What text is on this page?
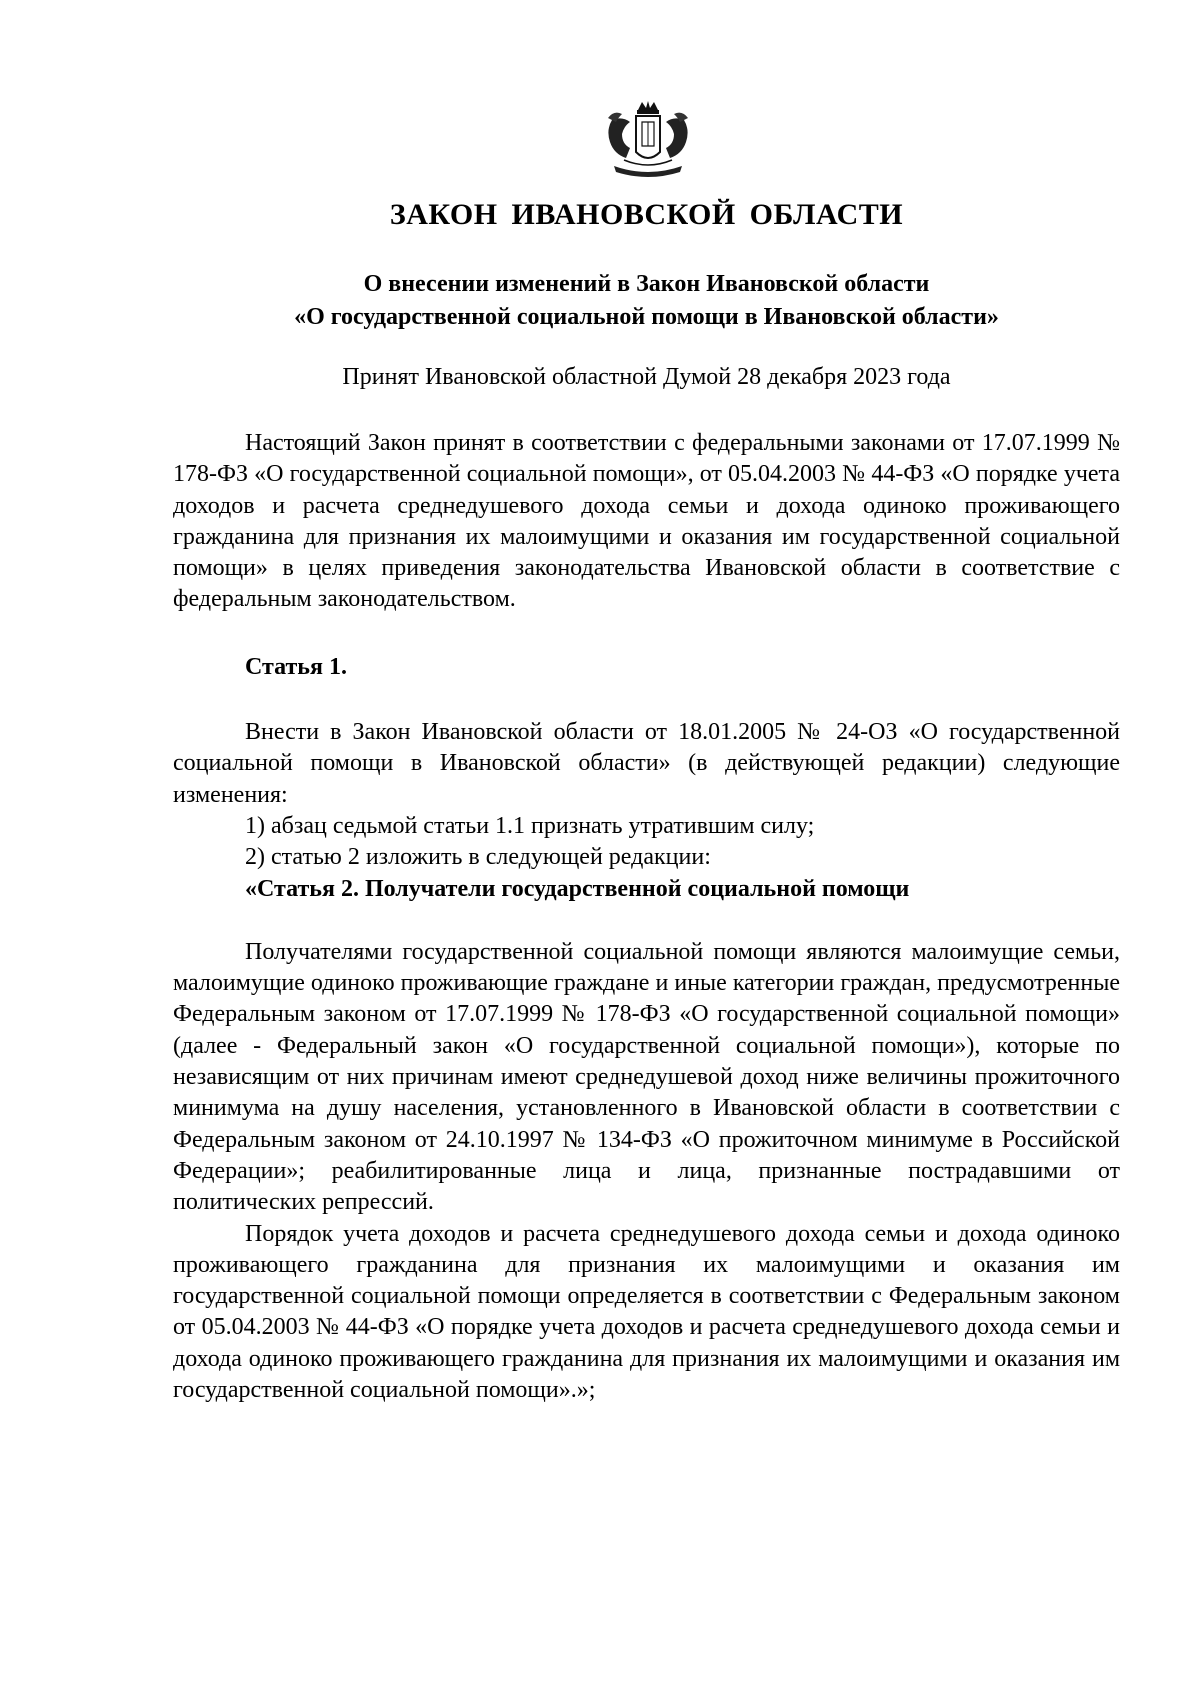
ЗАКОН ИВАНОВСКОЙ ОБЛАСТИ
О внесении изменений в Закон Ивановской области
«О государственной социальной помощи в Ивановской области»
Принят Ивановской областной Думой 28 декабря 2023 года

Настоящий Закон принят в соответствии с федеральными законами от 17.07.1999 № 178-ФЗ «О государственной социальной помощи», от 05.04.2003 № 44-ФЗ «О порядке учета доходов и расчета среднедушевого дохода семьи и дохода одиноко проживающего гражданина для признания их малоимущими и оказания им государственной социальной помощи» в целях приведения законодательства Ивановской области в соответствие с федеральным законодательством.

Статья 1.

Внести в Закон Ивановской области от 18.01.2005 № 24-ОЗ «О государственной социальной помощи в Ивановской области» (в действующей редакции) следующие изменения:

1) абзац седьмой статьи 1.1 признать утратившим силу;

2) статью 2 изложить в следующей редакции:

«Статья 2. Получатели государственной социальной помощи

Получателями государственной социальной помощи являются малоимущие семьи, малоимущие одиноко проживающие граждане и иные категории граждан, предусмотренные Федеральным законом от 17.07.1999 № 178-ФЗ «О государственной социальной помощи» (далее - Федеральный закон «О государственной социальной помощи»), которые по независящим от них причинам имеют среднедушевой доход ниже величины прожиточного минимума на душу населения, установленного в Ивановской области в соответствии с Федеральным законом от 24.10.1997 № 134-ФЗ «О прожиточном минимуме в Российской Федерации»; реабилитированные лица и лица, признанные пострадавшими от политических репрессий.

Порядок учета доходов и расчета среднедушевого дохода семьи и дохода одиноко проживающего гражданина для признания их малоимущими и оказания им государственной социальной помощи определяется в соответствии с Федеральным законом от 05.04.2003 № 44-ФЗ «О порядке учета доходов и расчета среднедушевого дохода семьи и дохода одиноко проживающего гражданина для признания их малоимущими и оказания им государственной социальной помощи».»;
